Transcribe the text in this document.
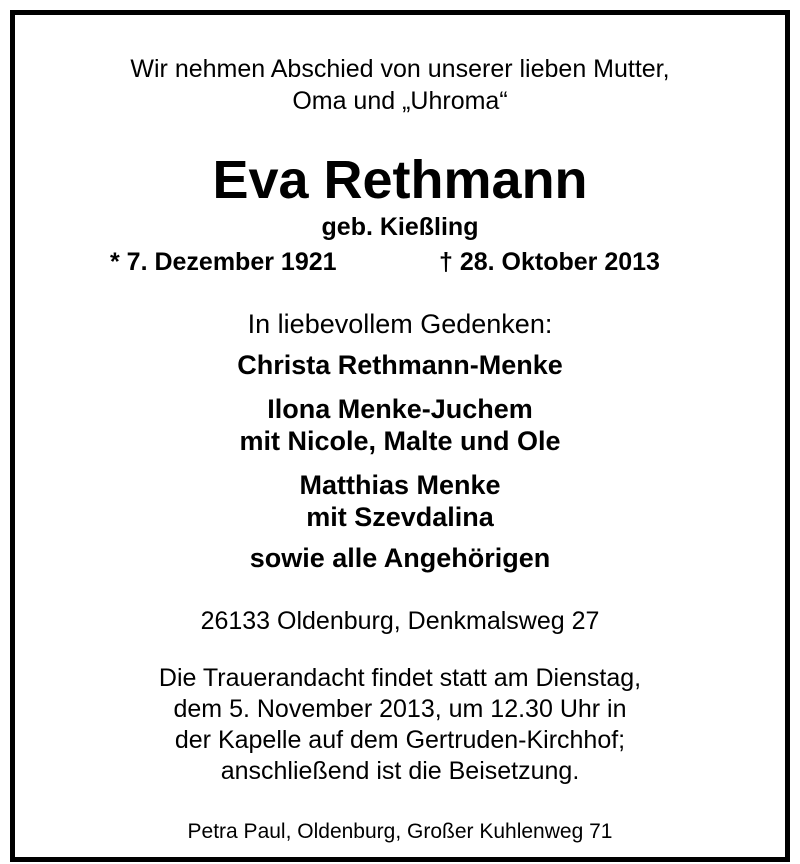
Wir nehmen Abschied von unserer lieben Mutter,
Oma und „Uhroma“
Eva Rethmann
geb. Kießling
* 7. Dezember 1921	† 28. Oktober 2013
In liebevollem Gedenken:
Christa Rethmann-Menke
Ilona Menke-Juchem
mit Nicole, Malte und Ole
Matthias Menke
mit Szevdalina
sowie alle Angehörigen
26133 Oldenburg, Denkmalsweg 27
Die Trauerandacht findet statt am Dienstag,
dem 5. November 2013, um 12.30 Uhr in
der Kapelle auf dem Gertruden-Kirchhof;
anschließend ist die Beisetzung.
Petra Paul, Oldenburg, Großer Kuhlenweg 71
